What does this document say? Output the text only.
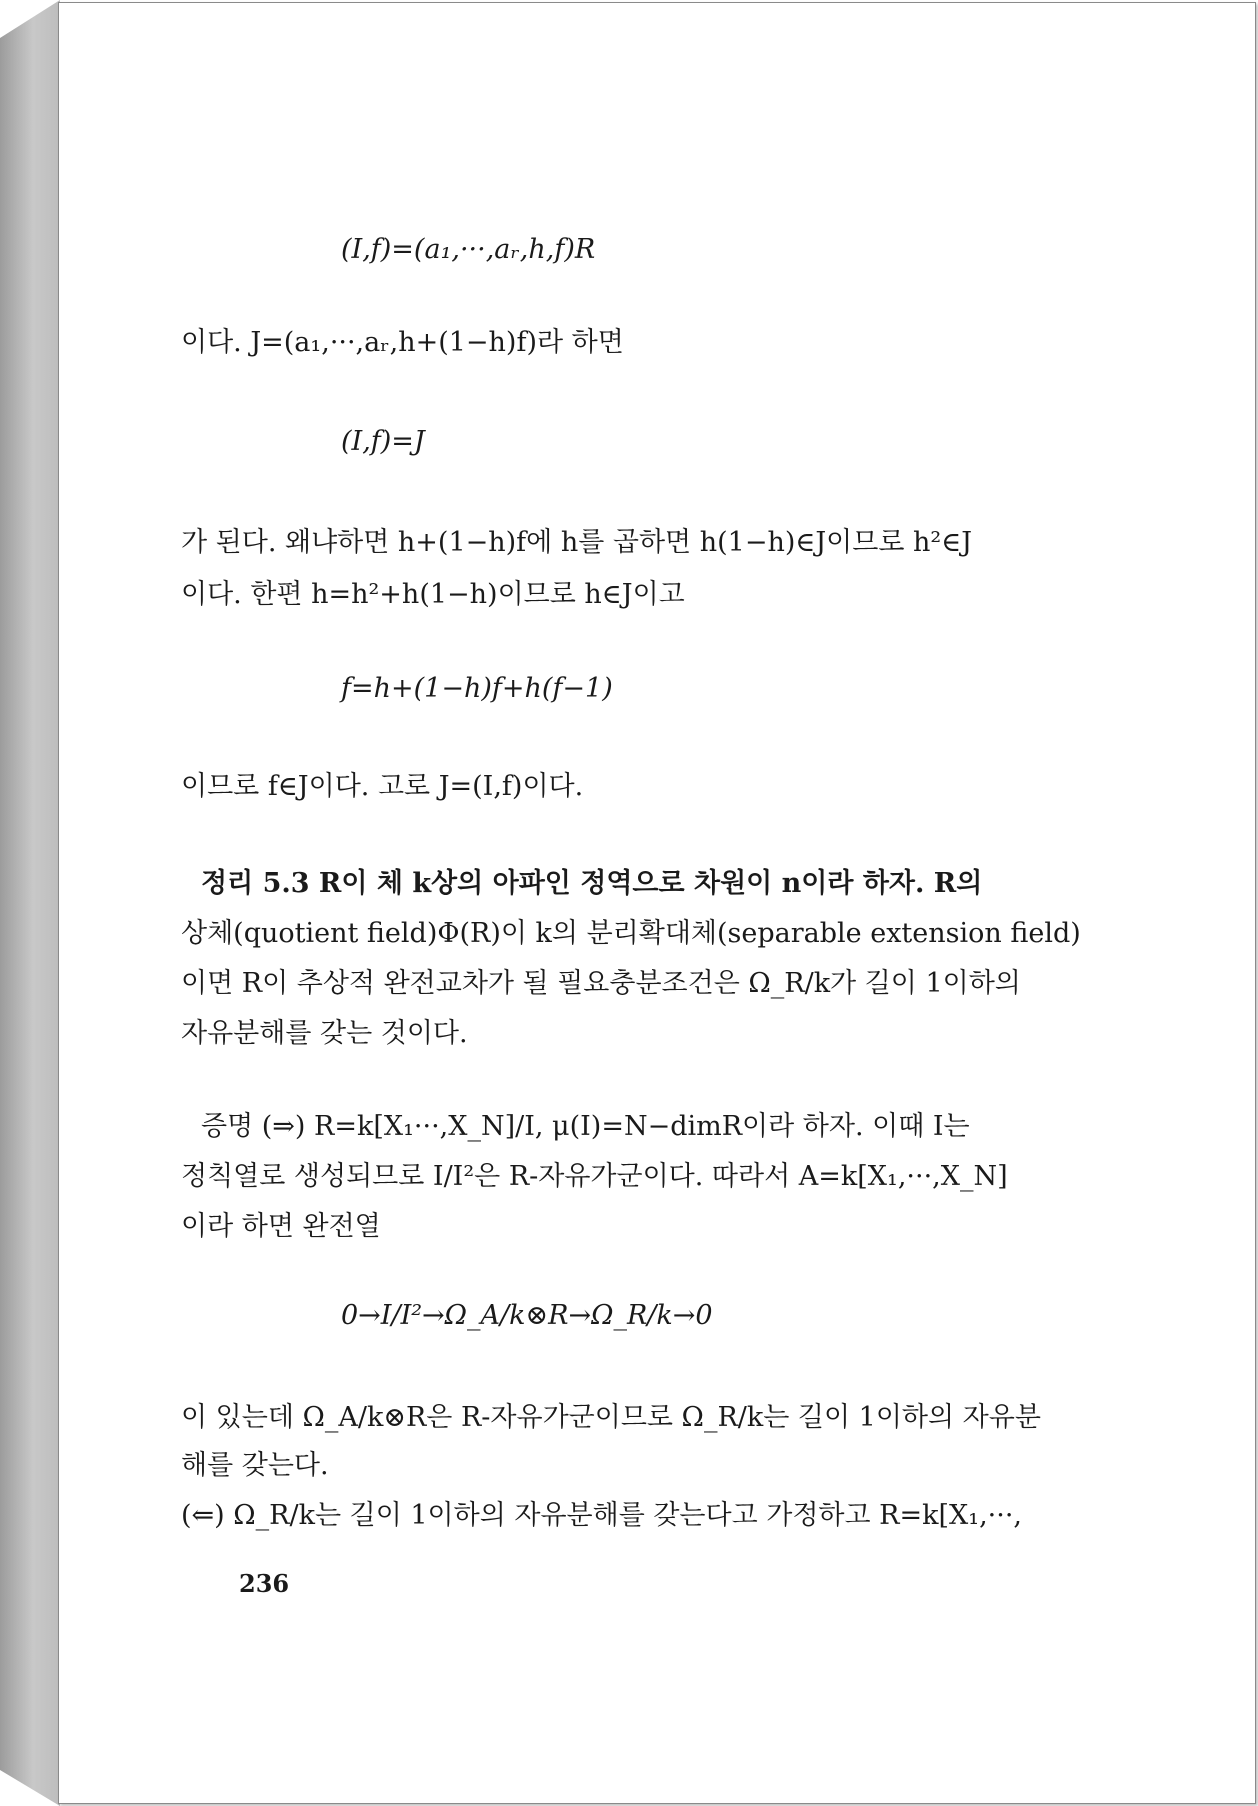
(I,f)=(a₁,···,aᵣ,h,f)R
이다. J=(a₁,···,aᵣ,h+(1−h)f)라 하면
(I,f)=J
가 된다. 왜냐하면 h+(1−h)f에 h를 곱하면 h(1−h)∈J이므로 h²∈J
이다. 한편 h=h²+h(1−h)이므로 h∈J이고
f=h+(1−h)f+h(f−1)
이므로 f∈J이다. 고로 J=(I,f)이다.
정리 5.3 R이 체 k상의 아파인 정역으로 차원이 n이라 하자. R의
상체(quotient field)Φ(R)이 k의 분리확대체(separable extension field)
이면 R이 추상적 완전교차가 될 필요충분조건은 Ω_R/k가 길이 1이하의
자유분해를 갖는 것이다.
증명 (⇒) R=k[X₁···,X_N]/I, μ(I)=N−dimR이라 하자. 이때 I는
정칙열로 생성되므로 I/I²은 R-자유가군이다. 따라서 A=k[X₁,···,X_N]
이라 하면 완전열
0→I/I²→Ω_A/k⊗R→Ω_R/k→0
이 있는데 Ω_A/k⊗R은 R-자유가군이므로 Ω_R/k는 길이 1이하의 자유분
해를 갖는다.
(⇐) Ω_R/k는 길이 1이하의 자유분해를 갖는다고 가정하고 R=k[X₁,···,
236
